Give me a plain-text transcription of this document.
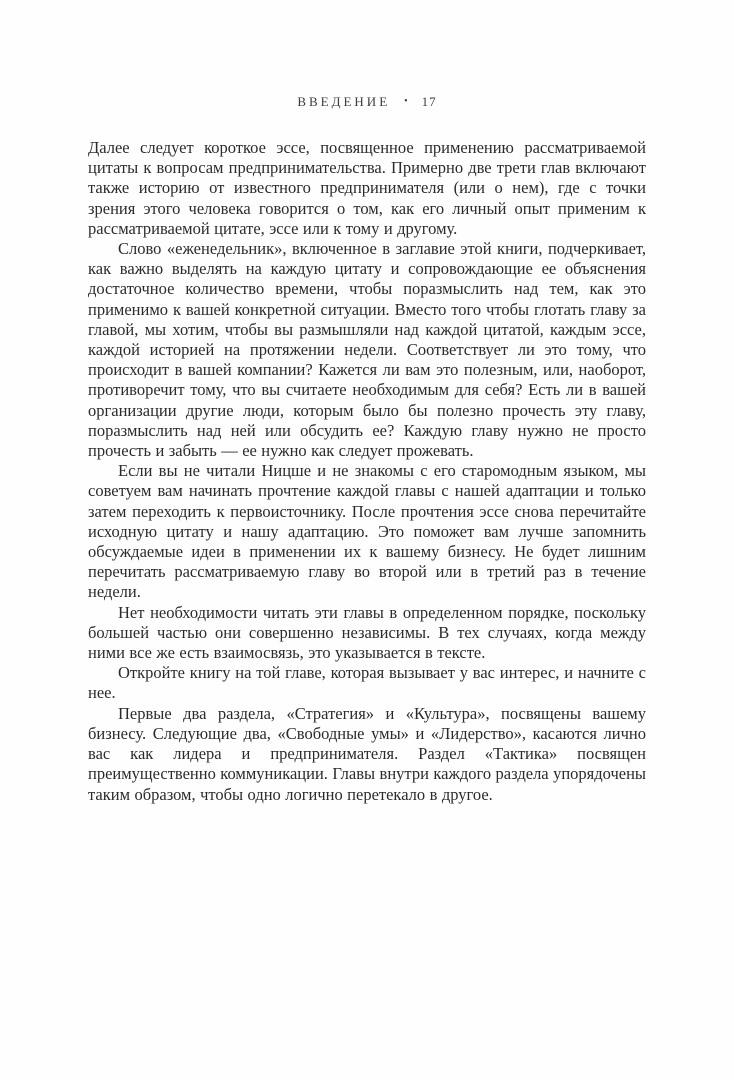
ВВЕДЕНИЕ • 17

Далее следует короткое эссе, посвященное применению рассматриваемой цитаты к вопросам предпринимательства. Примерно две трети глав включают также историю от известного предпринимателя (или о нем), где с точки зрения этого человека говорится о том, как его личный опыт применим к рассматриваемой цитате, эссе или к тому и другому.

Слово «еженедельник», включенное в заглавие этой книги, подчеркивает, как важно выделять на каждую цитату и сопровождающие ее объяснения достаточное количество времени, чтобы поразмыслить над тем, как это применимо к вашей конкретной ситуации. Вместо того чтобы глотать главу за главой, мы хотим, чтобы вы размышляли над каждой цитатой, каждым эссе, каждой историей на протяжении недели. Соответствует ли это тому, что происходит в вашей компании? Кажется ли вам это полезным, или, наоборот, противоречит тому, что вы считаете необходимым для себя? Есть ли в вашей организации другие люди, которым было бы полезно прочесть эту главу, поразмыслить над ней или обсудить ее? Каждую главу нужно не просто прочесть и забыть — ее нужно как следует прожевать.

Если вы не читали Ницше и не знакомы с его старомодным языком, мы советуем вам начинать прочтение каждой главы с нашей адаптации и только затем переходить к первоисточнику. После прочтения эссе снова перечитайте исходную цитату и нашу адаптацию. Это поможет вам лучше запомнить обсуждаемые идеи в применении их к вашему бизнесу. Не будет лишним перечитать рассматриваемую главу во второй или в третий раз в течение недели.

Нет необходимости читать эти главы в определенном порядке, поскольку большей частью они совершенно независимы. В тех случаях, когда между ними все же есть взаимосвязь, это указывается в тексте.

Откройте книгу на той главе, которая вызывает у вас интерес, и начните с нее.

Первые два раздела, «Стратегия» и «Культура», посвящены вашему бизнесу. Следующие два, «Свободные умы» и «Лидерство», касаются лично вас как лидера и предпринимателя. Раздел «Тактика» посвящен преимущественно коммуникации. Главы внутри каждого раздела упорядочены таким образом, чтобы одно логично перетекало в другое.
